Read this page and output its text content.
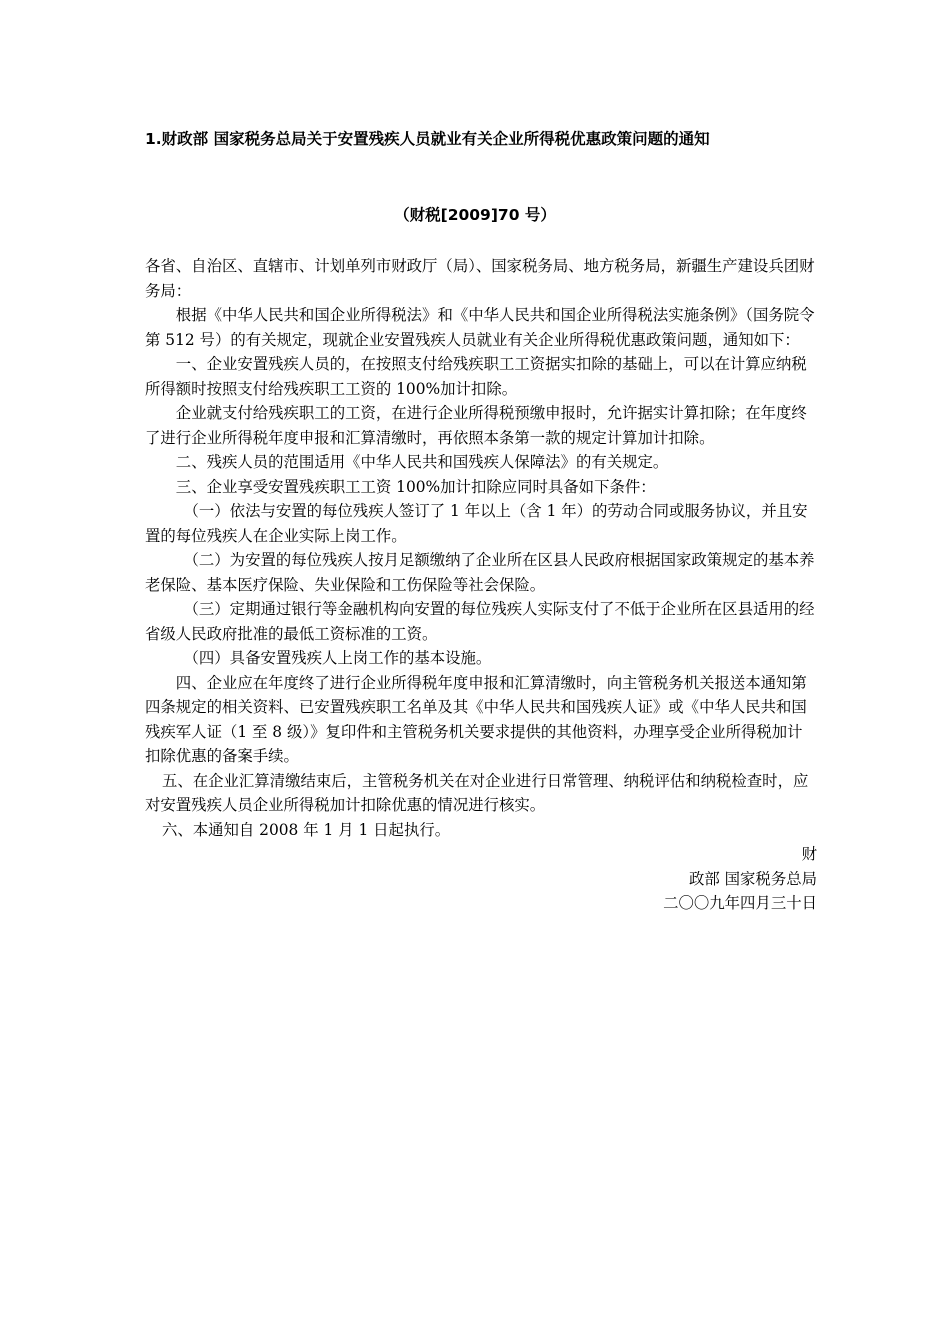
1.财政部 国家税务总局关于安置残疾人员就业有关企业所得税优惠政策问题的通知
（财税[2009]70 号）

各省、自治区、直辖市、计划单列市财政厅（局）、国家税务局、地方税务局，新疆生产建设兵团财务局：

根据《中华人民共和国企业所得税法》和《中华人民共和国企业所得税法实施条例》（国务院令第 512 号）的有关规定，现就企业安置残疾人员就业有关企业所得税优惠政策问题，通知如下：

一、企业安置残疾人员的，在按照支付给残疾职工工资据实扣除的基础上，可以在计算应纳税所得额时按照支付给残疾职工工资的 100%加计扣除。

企业就支付给残疾职工的工资，在进行企业所得税预缴申报时，允许据实计算扣除；在年度终了进行企业所得税年度申报和汇算清缴时，再依照本条第一款的规定计算加计扣除。

二、残疾人员的范围适用《中华人民共和国残疾人保障法》的有关规定。

三、企业享受安置残疾职工工资 100%加计扣除应同时具备如下条件：

（一）依法与安置的每位残疾人签订了 1 年以上（含 1 年）的劳动合同或服务协议，并且安置的每位残疾人在企业实际上岗工作。

（二）为安置的每位残疾人按月足额缴纳了企业所在区县人民政府根据国家政策规定的基本养老保险、基本医疗保险、失业保险和工伤保险等社会保险。

（三）定期通过银行等金融机构向安置的每位残疾人实际支付了不低于企业所在区县适用的经省级人民政府批准的最低工资标准的工资。

（四）具备安置残疾人上岗工作的基本设施。

四、企业应在年度终了进行企业所得税年度申报和汇算清缴时，向主管税务机关报送本通知第四条规定的相关资料、已安置残疾职工名单及其《中华人民共和国残疾人证》或《中华人民共和国残疾军人证（1 至 8 级）》复印件和主管税务机关要求提供的其他资料，办理享受企业所得税加计扣除优惠的备案手续。

五、在企业汇算清缴结束后，主管税务机关在对企业进行日常管理、纳税评估和纳税检查时，应对安置残疾人员企业所得税加计扣除优惠的情况进行核实。

六、本通知自 2008 年 1 月 1 日起执行。

财

政部 国家税务总局

二〇〇九年四月三十日
